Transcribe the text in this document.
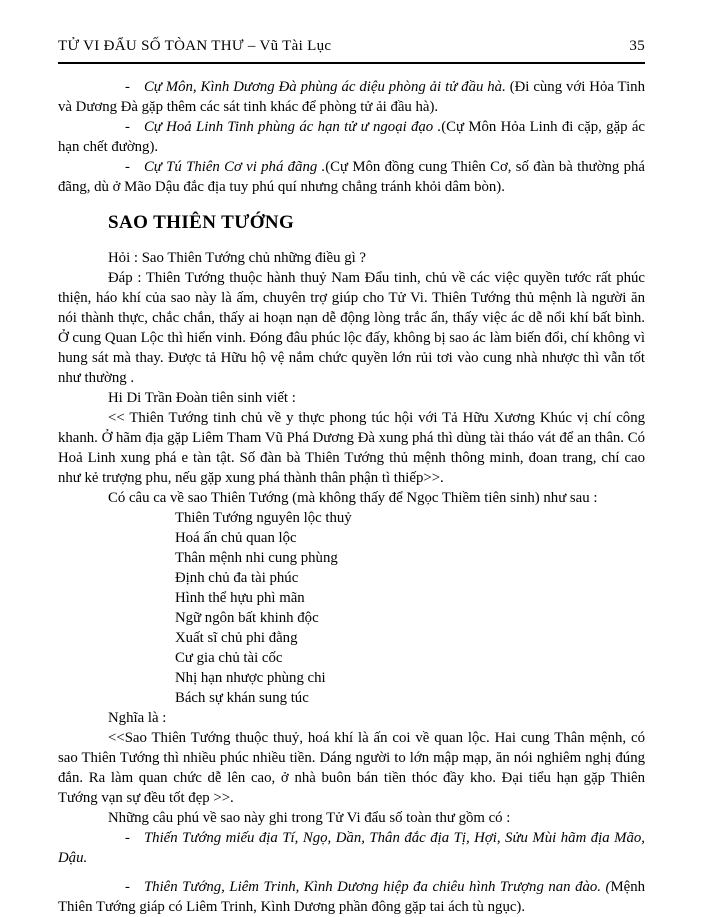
TỬ VI ĐẨU SỐ TÒAN THƯ – Vũ Tài Lục	35

- Cự Môn, Kình Dương Đà phùng ác diệu phòng ải tử đầu hà. (Đi cùng với Hỏa Tinh và Dương Đà gặp thêm các sát tinh khác để phòng tử ải đầu hà).

- Cự Hoả Linh Tinh phùng ác hạn tử ư ngoại đạo .(Cự Môn Hỏa Linh đi cặp, gặp ác hạn chết đường).

- Cự Tú Thiên Cơ vi phá đãng .(Cự Môn đồng cung Thiên Cơ, số đàn bà thường phá đãng, dù ở Mão Dậu đắc địa tuy phú quí nhưng chẳng tránh khỏi dâm bòn).

SAO THIÊN TƯỚNG

Hỏi : Sao Thiên Tướng chủ những điều gì ?

Đáp : Thiên Tướng thuộc hành thuỷ Nam Đẩu tinh, chủ về các việc quyền tước rất phúc thiện, háo khí của sao này là ấm, chuyên trợ giúp cho Tử Vi. Thiên Tướng thủ mệnh là người ăn nói thành thực, chắc chắn, thấy ai hoạn nạn dễ động lòng trắc ẩn, thấy việc ác dễ nổi khí bất bình. Ở cung Quan Lộc thì hiển vinh. Đóng đâu phúc lộc đấy, không bị sao ác làm biến đổi, chí không vì hung sát mà thay. Được tả Hữu hộ vệ nắm chức quyền lớn rủi tơi vào cung nhà nhược thì vẫn tốt như thường .

Hi Di Trần Đoàn tiên sinh viết :

<< Thiên Tướng tinh chủ về y thực phong túc hội với Tả Hữu Xương Khúc vị chí công khanh. Ở hãm địa gặp Liêm Tham Vũ Phá Dương Đà xung phá thì dùng tài tháo vát để an thân. Có Hoả Linh xung phá e tàn tật. Số đàn bà Thiên Tướng thủ mệnh thông minh, đoan trang, chí cao như kẻ trượng phu, nếu gặp xung phá thành thân phận tì thiếp>>.

Có câu ca về sao Thiên Tướng (mà không thấy để Ngọc Thiềm tiên sinh) như sau :

Thiên Tướng nguyên lộc thuỷ
Hoá ấn chủ quan lộc
Thân mệnh nhi cung phùng
Định chủ đa tài phúc
Hình thể hựu phì mãn
Ngữ ngôn bất khinh độc
Xuất sĩ chủ phi đằng
Cư gia chủ tài cốc
Nhị hạn nhược phùng chi
Bách sự khán sung túc

Nghĩa là :

<<Sao Thiên Tướng thuộc thuỷ, hoá khí là ấn coi về quan lộc. Hai cung Thân mệnh, có sao Thiên Tướng thì nhiều phúc nhiều tiền. Dáng người to lớn mập mạp, ăn nói nghiêm nghị đúng đắn. Ra làm quan chức dễ lên cao, ở nhà buôn bán tiền thóc đầy kho. Đại tiểu hạn gặp Thiên Tướng vạn sự đều tốt đẹp >>.

Những câu phú về sao này ghi trong Tử Vi đẩu số toàn thư gồm có :

- Thiến Tướng miếu địa Tí, Ngọ, Dần, Thân đắc địa Tị, Hợi, Sửu Mùi hãm địa Mão, Dậu.

- Thiên Tướng, Liêm Trinh, Kình Dương hiệp đa chiêu hình Trượng nan đào. (Mệnh Thiên Tướng giáp có Liêm Trinh, Kình Dương phần đông gặp tai ách tù ngục).
